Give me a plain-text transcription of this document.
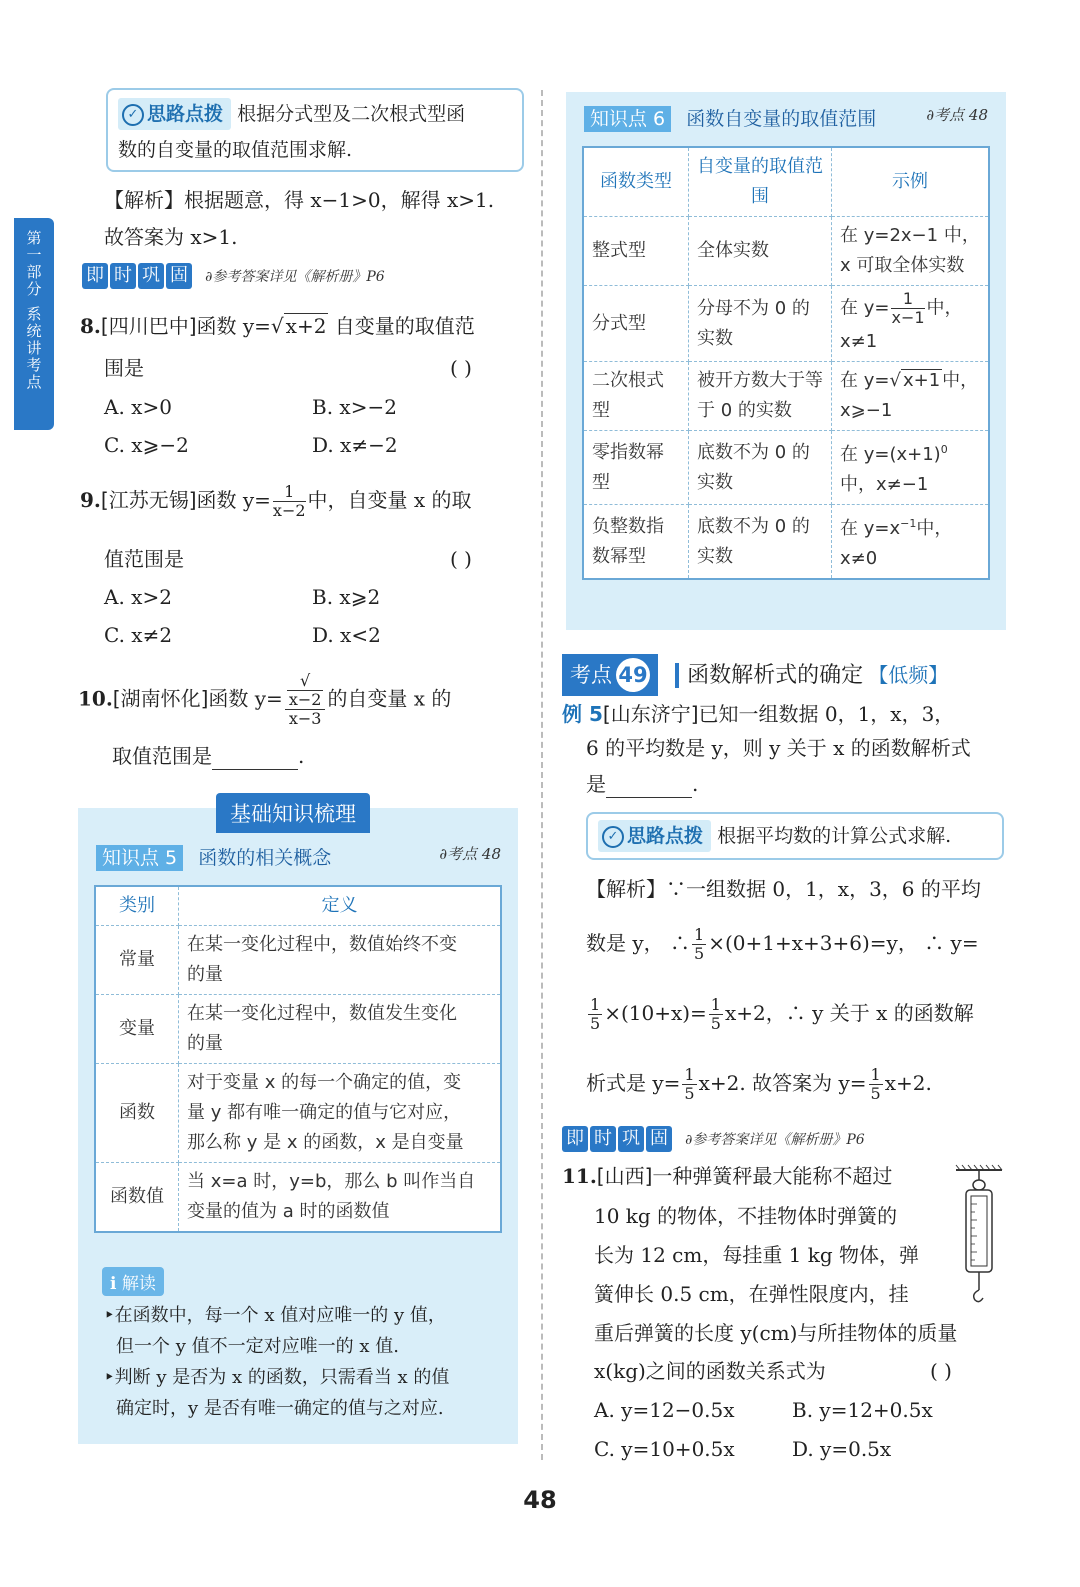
第
一
部
分
系
统
讲
考
点
✓ 思路点拨 根据分式型及二次根式型函
数的自变量的取值范围求解.
【解析】根据题意，得 x−1>0，解得 x>1.
故答案为 x>1.
即 时 巩 固 ∂参考答案详见《解析册》P6
8.[四川巴中]函数 y=√ x+2 自变量的取值范
围是	( )
A. x>0	B. x>−2
C. x⩾−2	D. x≠−2
9.[江苏无锡]函数 $y= \frac{1}{x-2}$ 中，自变量 x 的取
值范围是	( )
A. x>2	B. x⩾2
C. x≠2	D. x<2
10.[湖南怀化]函数 y= √
x−2
x−3 的自变量 x 的
取值范围是	.
基础知识梳理
知识点 5 函数的相关概念	∂考点 48
类别	定义
常量	在某一变化过程中，数值始终不变
的量

变量	在某一变化过程中，数值发生变化
的量

函数	对于变量 x 的每一个确定的值，变
量 y 都有唯一确定的值与它对应，
那么称 y 是 x 的函数，x 是自变量

函数值	当 x=a 时，y=b，那么 b 叫作当自
变量的值为 a 时的函数值
ℹ 解读
‣在函数中，每一个 x 值对应唯一的 y 值，
但一个 y 值不一定对应唯一的 x 值.
‣判断 y 是否为 x 的函数，只需看当 x 的值
确定时，y 是否有唯一确定的值与之对应.
知识点 6 函数自变量的取值范围	∂考点 48
函数类型	自变量的取值范围	示例
整式型	全体实数	在 y=2x−1 中，
x 可取全体实数

分式型	分母不为 0 的实数	在 $y= \frac{1}{x-1}$ 中，
x≠1

二次根式型	被开方数大于等于 0 的实数	在 y=√ x+1 中，
x⩾−1

零指数幂型	底数不为 0 的实数	在 $y=(x+1)^0$
中，x≠−1

负整数指数幂型	底数不为 0 的实数	在 $y=x^{-1}$中，
x≠0
考点 49 函数解析式的确定 【低频】
例 5[山东济宁]已知一组数据 0，1，x，3，
6 的平均数是 y，则 y 关于 x 的函数解析式
是	.
✓ 思路点拨 根据平均数的计算公式求解.
【解析】∵一组数据 0，1，x，3，6 的平均
数是 y， ∴ $\frac{1}{5} \times(0+1+x+3+6)=y$， ∴ y=
$\frac{1}{5} \times(10+x)= \frac{1}{5} x+2$，∴ y 关于 x 的函数解
析式是 $y= \frac{1}{5} x+2$. 故答案为 $y= \frac{1}{5} x+2$.
即 时 巩 固 ∂参考答案详见《解析册》P6
11.[山西]一种弹簧秤最大能称不超过
10 kg 的物体，不挂物体时弹簧的
长为 12 cm，每挂重 1 kg 物体，弹
簧伸长 0.5 cm，在弹性限度内，挂
重后弹簧的长度 y(cm)与所挂物体的质量
x(kg)之间的函数关系式为	( )
A. y=12−0.5x	B. y=12+0.5x
C. y=10+0.5x	D. y=0.5x
48
